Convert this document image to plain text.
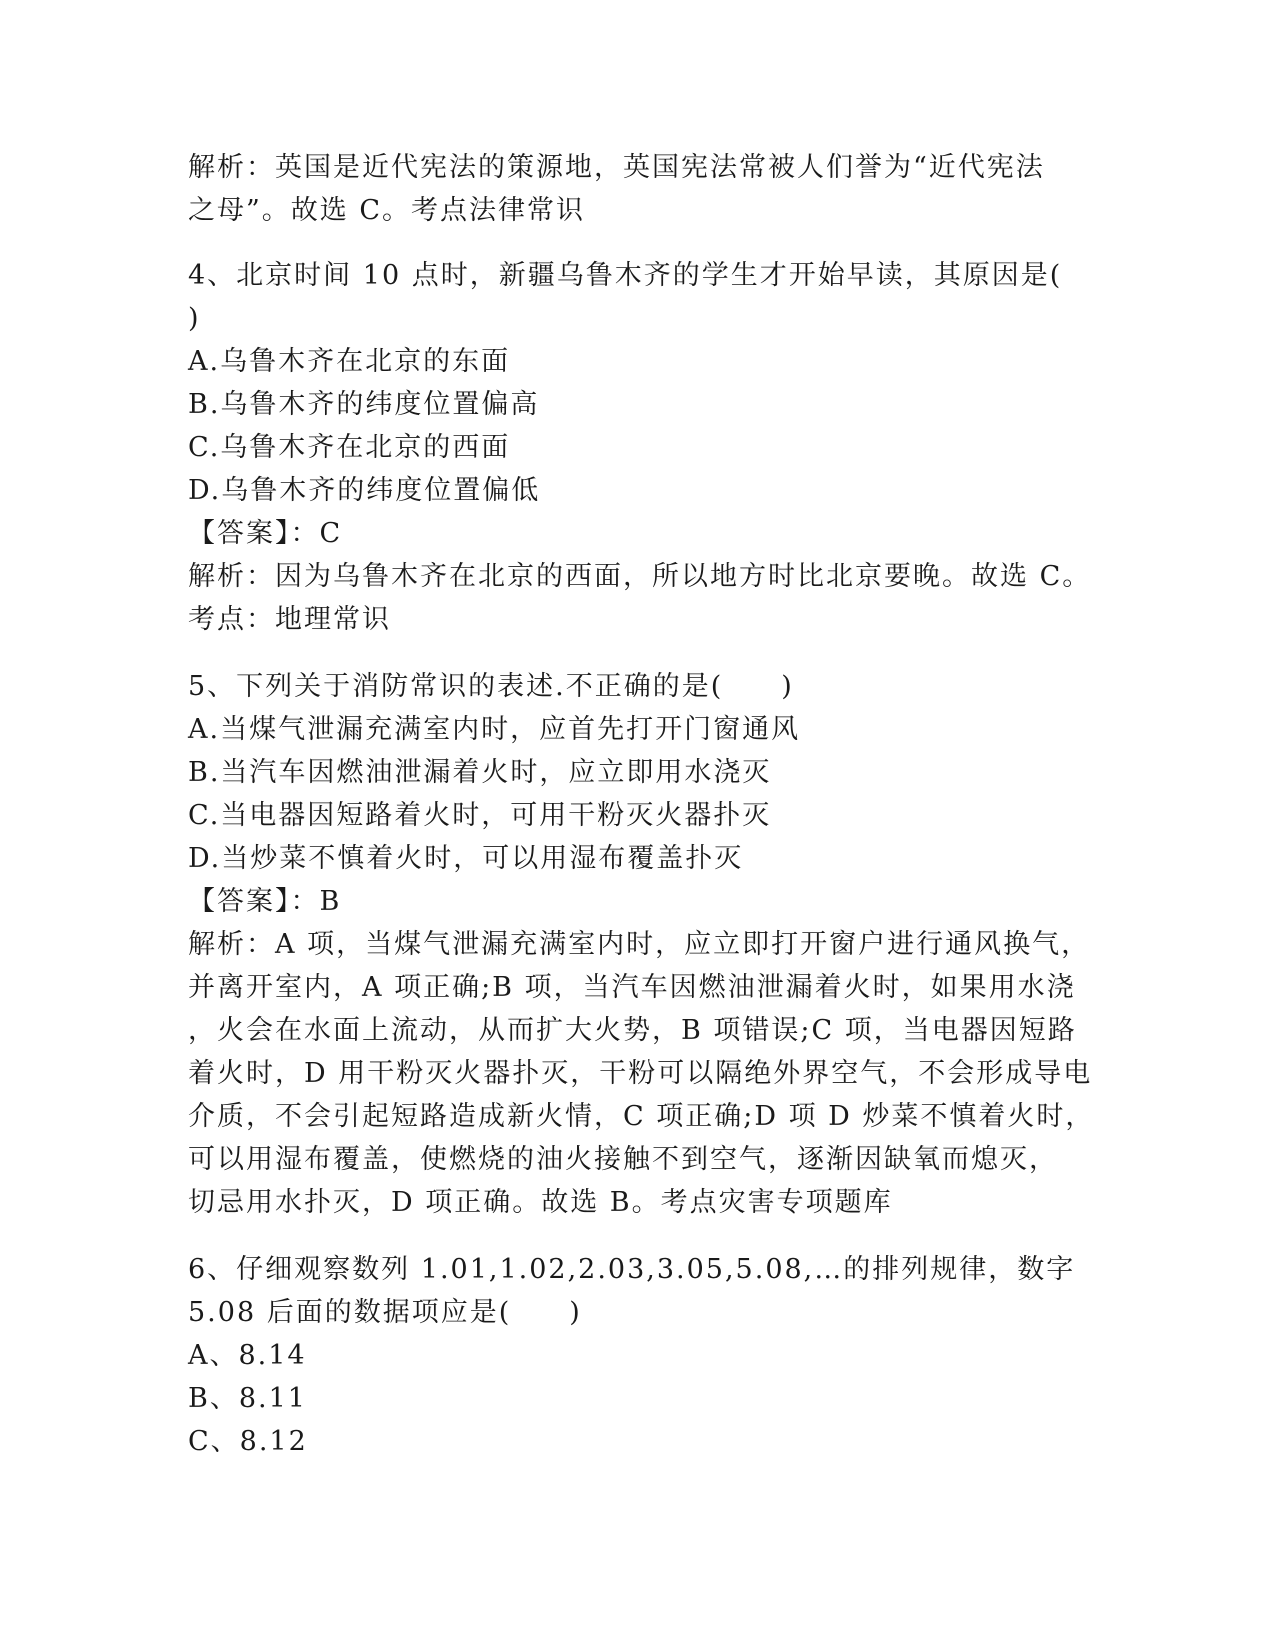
解析：英国是近代宪法的策源地，英国宪法常被人们誉为“近代宪法
之母”。故选 C。考点法律常识
4、北京时间 10 点时，新疆乌鲁木齐的学生才开始早读，其原因是(
)
A.乌鲁木齐在北京的东面
B.乌鲁木齐的纬度位置偏高
C.乌鲁木齐在北京的西面
D.乌鲁木齐的纬度位置偏低
【答案】：C
解析：因为乌鲁木齐在北京的西面，所以地方时比北京要晚。故选 C。
考点：地理常识
5、下列关于消防常识的表述.不正确的是(　　)
A.当煤气泄漏充满室内时，应首先打开门窗通风
B.当汽车因燃油泄漏着火时，应立即用水浇灭
C.当电器因短路着火时，可用干粉灭火器扑灭
D.当炒菜不慎着火时，可以用湿布覆盖扑灭
【答案】：B
解析：A 项，当煤气泄漏充满室内时，应立即打开窗户进行通风换气，
并离开室内，A 项正确;B 项，当汽车因燃油泄漏着火时，如果用水浇
，火会在水面上流动，从而扩大火势，B 项错误;C 项，当电器因短路
着火时，D 用干粉灭火器扑灭，干粉可以隔绝外界空气，不会形成导电
介质，不会引起短路造成新火情，C 项正确;D 项 D 炒菜不慎着火时，
可以用湿布覆盖，使燃烧的油火接触不到空气，逐渐因缺氧而熄灭，
切忌用水扑灭，D 项正确。故选 B。考点灾害专项题库
6、仔细观察数列 1.01,1.02,2.03,3.05,5.08,…的排列规律，数字
5.08 后面的数据项应是(　　)
A、8.14
B、8.11
C、8.12
